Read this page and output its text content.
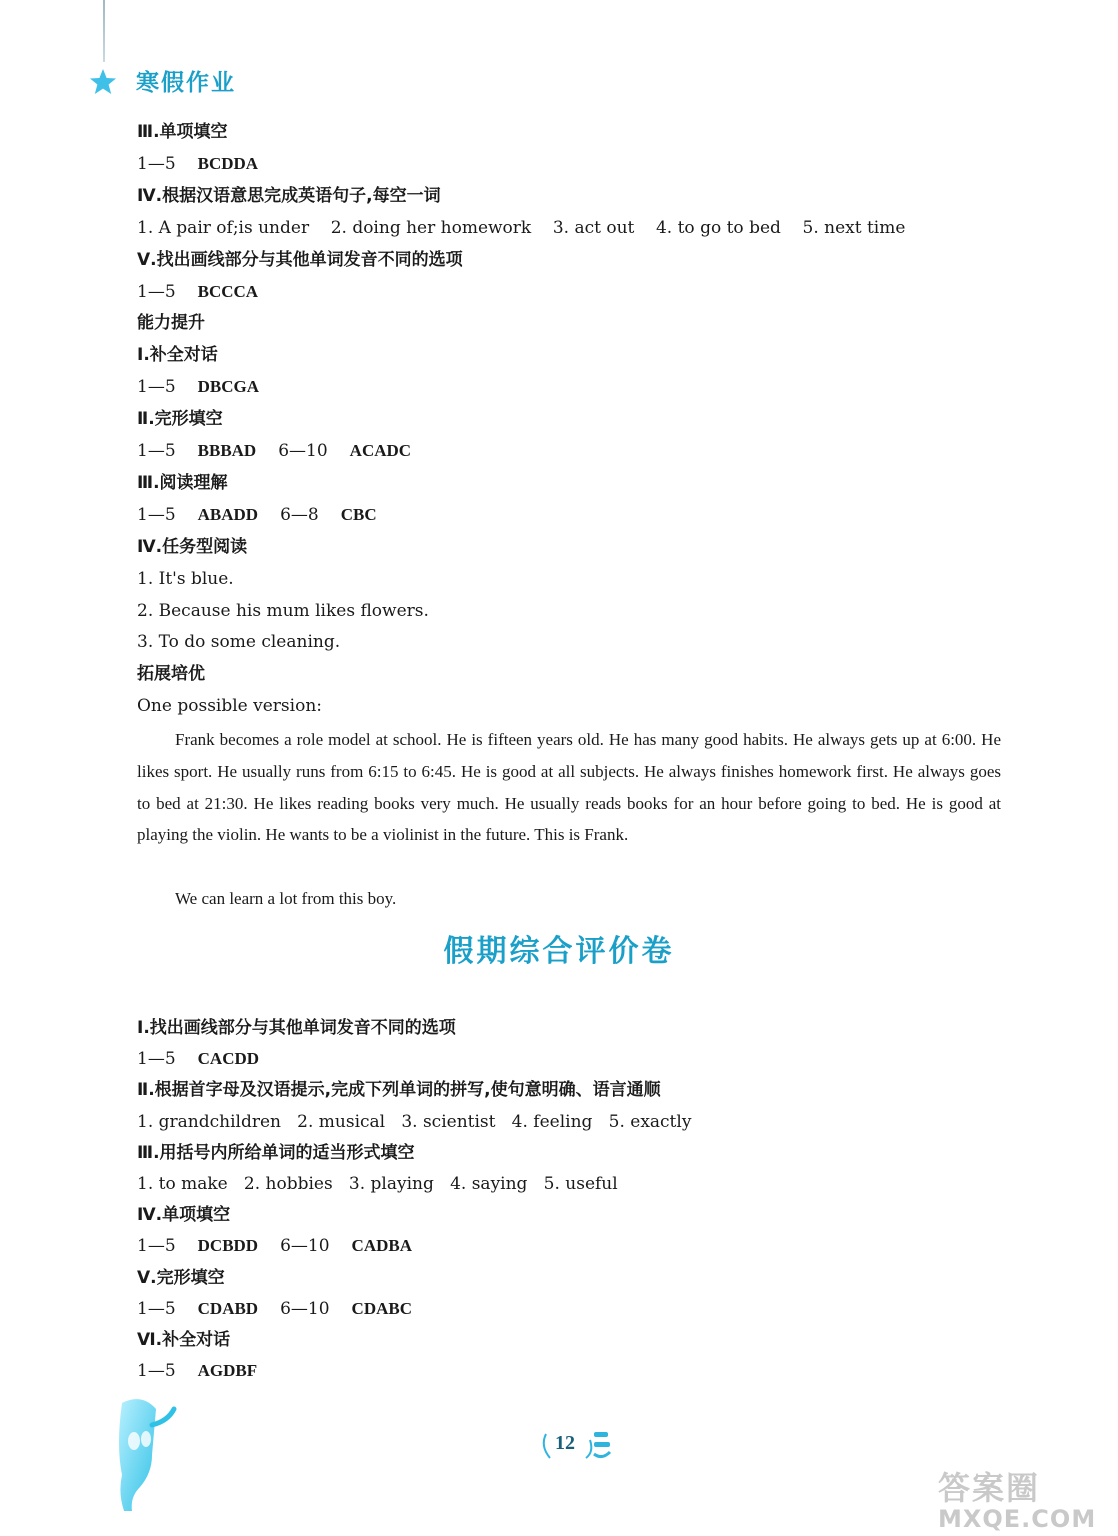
寒假作业
Ⅲ.单项填空
1—5 BCDDA
Ⅳ.根据汉语意思完成英语句子,每空一词
1. A pair of;is under    2. doing her homework    3. act out    4. to go to bed    5. next time
Ⅴ.找出画线部分与其他单词发音不同的选项
1—5 BCCCA
能力提升
Ⅰ.补全对话
1—5 DBCGA
Ⅱ.完形填空
1—5 BBBAD 6—10 ACADC
Ⅲ.阅读理解
1—5 ABADD 6—8 CBC
Ⅳ.任务型阅读
1. It's blue.
2. Because his mum likes flowers.
3. To do some cleaning.
拓展培优
One possible version:
Frank becomes a role model at school. He is fifteen years old. He has many good habits. He always gets up at 6:00. He likes sport. He usually runs from 6:15 to 6:45. He is good at all subjects. He always finishes homework first. He always goes to bed at 21:30. He likes reading books very much. He usually reads books for an hour before going to bed. He is good at playing the violin. He wants to be a violinist in the future. This is Frank.
We can learn a lot from this boy.
假期综合评价卷
Ⅰ.找出画线部分与其他单词发音不同的选项
1—5 CACDD
Ⅱ.根据首字母及汉语提示,完成下列单词的拼写,使句意明确、语言通顺
1. grandchildren   2. musical   3. scientist   4. feeling   5. exactly
Ⅲ.用括号内所给单词的适当形式填空
1. to make   2. hobbies   3. playing   4. saying   5. useful
Ⅳ.单项填空
1—5 DCBDD 6—10 CADBA
Ⅴ.完形填空
1—5 CDABD 6—10 CDABC
Ⅵ.补全对话
1—5 AGDBF
12
答案圈
MXQE.COM
